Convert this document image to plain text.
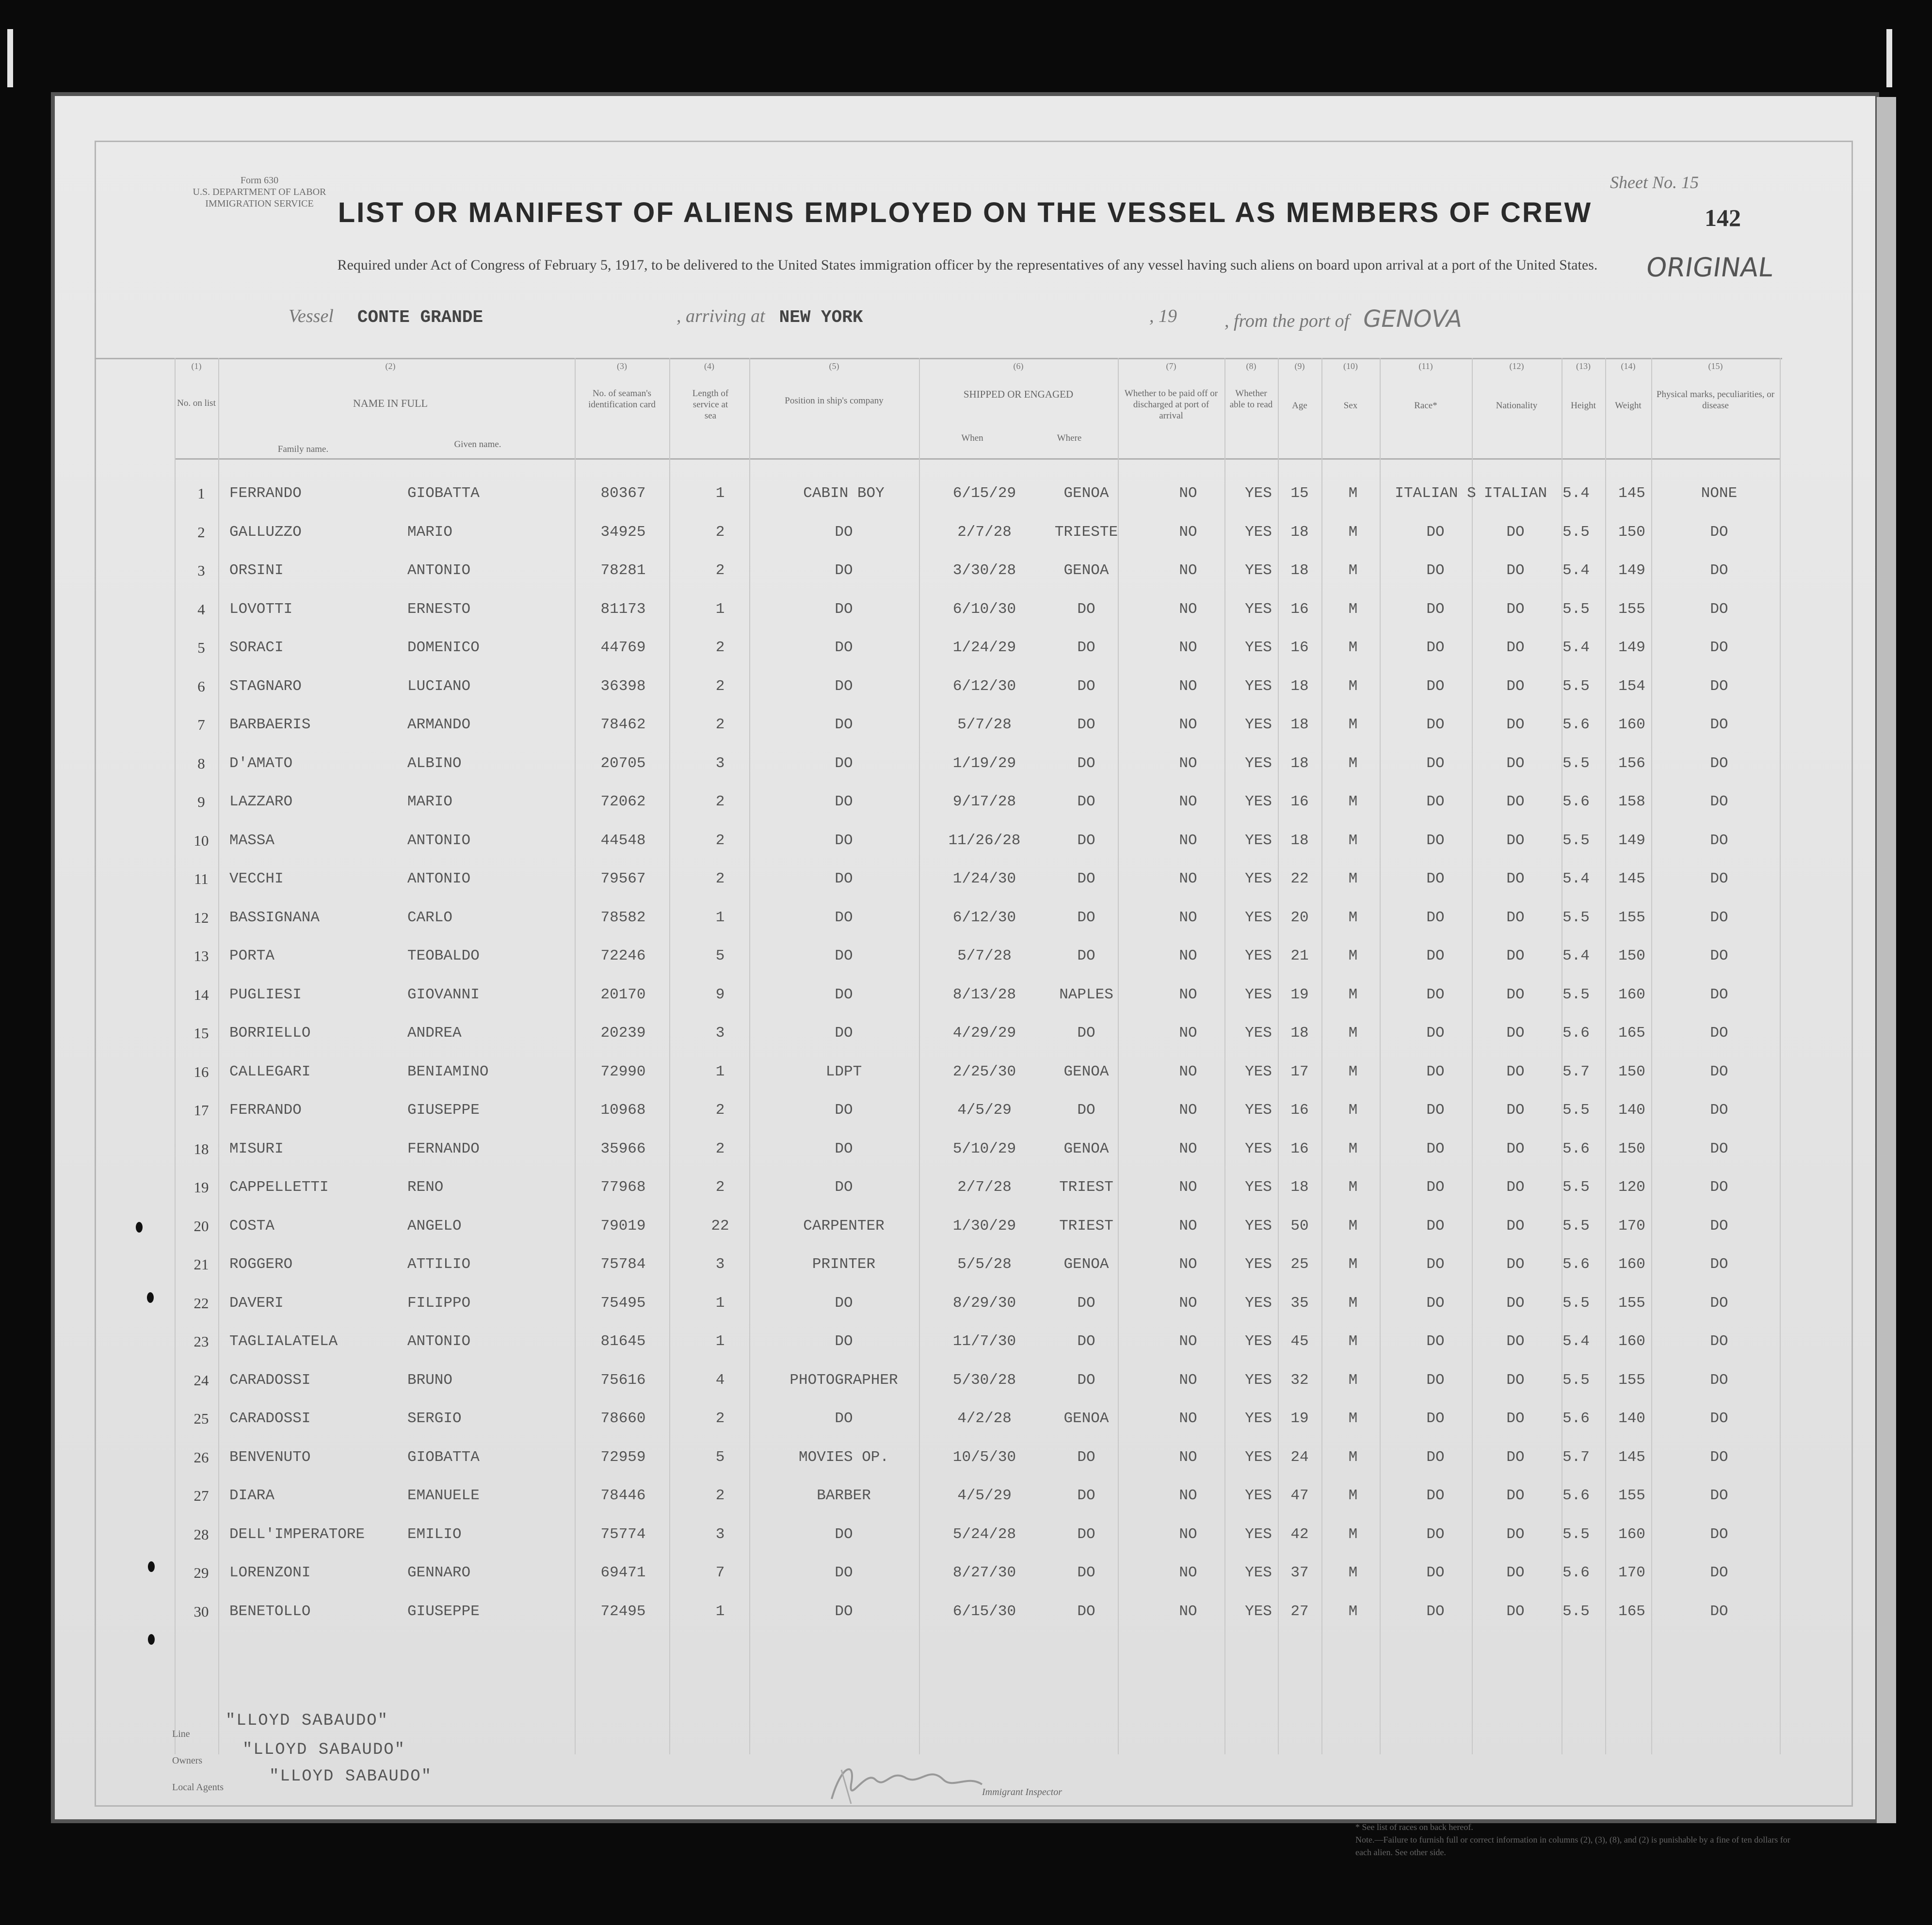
Form 630
U.S. DEPARTMENT OF LABOR
IMMIGRATION SERVICE
Sheet No. 15
142
ORIGINAL
LIST OR MANIFEST OF ALIENS EMPLOYED ON THE VESSEL AS MEMBERS OF CREW
Required under Act of Congress of February 5, 1917, to be delivered to the United States immigration officer by the representatives of any vessel having such aliens on board upon arrival at a port of the United States.
Vessel CONTE GRANDE	, arriving at NEW YORK	, 19	, from the port of GENOVA
(1)	(2)	(3)	(4)	(5)	(6)	(7)	(8)	(9)	(10)	(11)	(12)	(13)	(14)	(15)
No. on list	NAME IN FULL
Family name.	Given name.
No. of seaman's identification card
Length of service at sea
Position in ship's company
SHIPPED OR ENGAGED
When	Where
Whether to be paid off or discharged at port of arrival
Whether able to read	Age	Sex	Race*	Nationality	Height	Weight
Physical marks, peculiarities, or disease
1	FERRANDO	GIOBATTA	80367	1	CABIN BOY	6/15/29	GENOA	NO	YES	15	M	ITALIAN S ITALIAN	5.4	145	NONE
2	GALLUZZO	MARIO	34925	2	DO	2/7/28	TRIESTE	NO	YES	18	M	DO	DO	5.5	150	DO
3	ORSINI	ANTONIO	78281	2	DO	3/30/28	GENOA	NO	YES	18	M	DO	DO	5.4	149	DO
4	LOVOTTI	ERNESTO	81173	1	DO	6/10/30	DO	NO	YES	16	M	DO	DO	5.5	155	DO
5	SORACI	DOMENICO	44769	2	DO	1/24/29	DO	NO	YES	16	M	DO	DO	5.4	149	DO
6	STAGNARO	LUCIANO	36398	2	DO	6/12/30	DO	NO	YES	18	M	DO	DO	5.5	154	DO
7	BARBAERIS	ARMANDO	78462	2	DO	5/7/28	DO	NO	YES	18	M	DO	DO	5.6	160	DO
8	D'AMATO	ALBINO	20705	3	DO	1/19/29	DO	NO	YES	18	M	DO	DO	5.5	156	DO
9	LAZZARO	MARIO	72062	2	DO	9/17/28	DO	NO	YES	16	M	DO	DO	5.6	158	DO
10	MASSA	ANTONIO	44548	2	DO	11/26/28	DO	NO	YES	18	M	DO	DO	5.5	149	DO
11	VECCHI	ANTONIO	79567	2	DO	1/24/30	DO	NO	YES	22	M	DO	DO	5.4	145	DO
12	BASSIGNANA	CARLO	78582	1	DO	6/12/30	DO	NO	YES	20	M	DO	DO	5.5	155	DO
13	PORTA	TEOBALDO	72246	5	DO	5/7/28	DO	NO	YES	21	M	DO	DO	5.4	150	DO
14	PUGLIESI	GIOVANNI	20170	9	DO	8/13/28	NAPLES	NO	YES	19	M	DO	DO	5.5	160	DO
15	BORRIELLO	ANDREA	20239	3	DO	4/29/29	DO	NO	YES	18	M	DO	DO	5.6	165	DO
16	CALLEGARI	BENIAMINO	72990	1	LDPT	2/25/30	GENOA	NO	YES	17	M	DO	DO	5.7	150	DO
17	FERRANDO	GIUSEPPE	10968	2	DO	4/5/29	DO	NO	YES	16	M	DO	DO	5.5	140	DO
18	MISURI	FERNANDO	35966	2	DO	5/10/29	GENOA	NO	YES	16	M	DO	DO	5.6	150	DO
19	CAPPELLETTI	RENO	77968	2	DO	2/7/28	TRIEST	NO	YES	18	M	DO	DO	5.5	120	DO
20	COSTA	ANGELO	79019	22	CARPENTER	1/30/29	TRIEST	NO	YES	50	M	DO	DO	5.5	170	DO
21	ROGGERO	ATTILIO	75784	3	PRINTER	5/5/28	GENOA	NO	YES	25	M	DO	DO	5.6	160	DO
22	DAVERI	FILIPPO	75495	1	DO	8/29/30	DO	NO	YES	35	M	DO	DO	5.5	155	DO
23	TAGLIALATELA	ANTONIO	81645	1	DO	11/7/30	DO	NO	YES	45	M	DO	DO	5.4	160	DO
24	CARADOSSI	BRUNO	75616	4	PHOTOGRAPHER	5/30/28	DO	NO	YES	32	M	DO	DO	5.5	155	DO
25	CARADOSSI	SERGIO	78660	2	DO	4/2/28	GENOA	NO	YES	19	M	DO	DO	5.6	140	DO
26	BENVENUTO	GIOBATTA	72959	5	MOVIES OP.	10/5/30	DO	NO	YES	24	M	DO	DO	5.7	145	DO
27	DIARA	EMANUELE	78446	2	BARBER	4/5/29	DO	NO	YES	47	M	DO	DO	5.6	155	DO
28	DELL'IMPERATORE	EMILIO	75774	3	DO	5/24/28	DO	NO	YES	42	M	DO	DO	5.5	160	DO
29	LORENZONI	GENNARO	69471	7	DO	8/27/30	DO	NO	YES	37	M	DO	DO	5.6	170	DO
30	BENETOLLO	GIUSEPPE	72495	1	DO	6/15/30	DO	NO	YES	27	M	DO	DO	5.5	165	DO
Line
Owners
Local Agents
"LLOYD SABAUDO"
"LLOYD SABAUDO"
"LLOYD SABAUDO"
Immigrant Inspector
* See list of races on back hereof.
Note.—Failure to furnish full or correct information in columns (2), (3), (8), and (2) is punishable by a fine of ten dollars for each alien. See other side.
